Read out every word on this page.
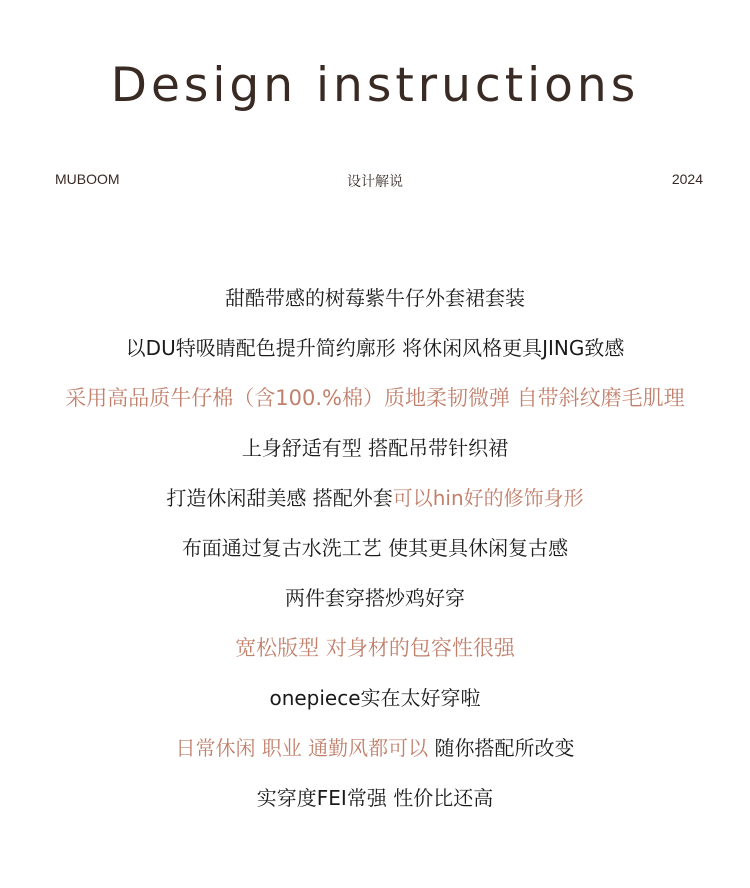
Design instructions
MUBOOM	设计解说	2024
甜酷带感的树莓紫牛仔外套裙套装
以DU特吸睛配色提升简约廓形 将休闲风格更具JING致感
采用高品质牛仔棉（含100.%棉）质地柔韧微弹 自带斜纹磨毛肌理
上身舒适有型 搭配吊带针织裙
打造休闲甜美感 搭配外套可以hin好的修饰身形
布面通过复古水洗工艺 使其更具休闲复古感
两件套穿搭炒鸡好穿
宽松版型 对身材的包容性很强
onepiece实在太好穿啦
日常休闲 职业 通勤风都可以 随你搭配所改变
实穿度FEI常强 性价比还高
